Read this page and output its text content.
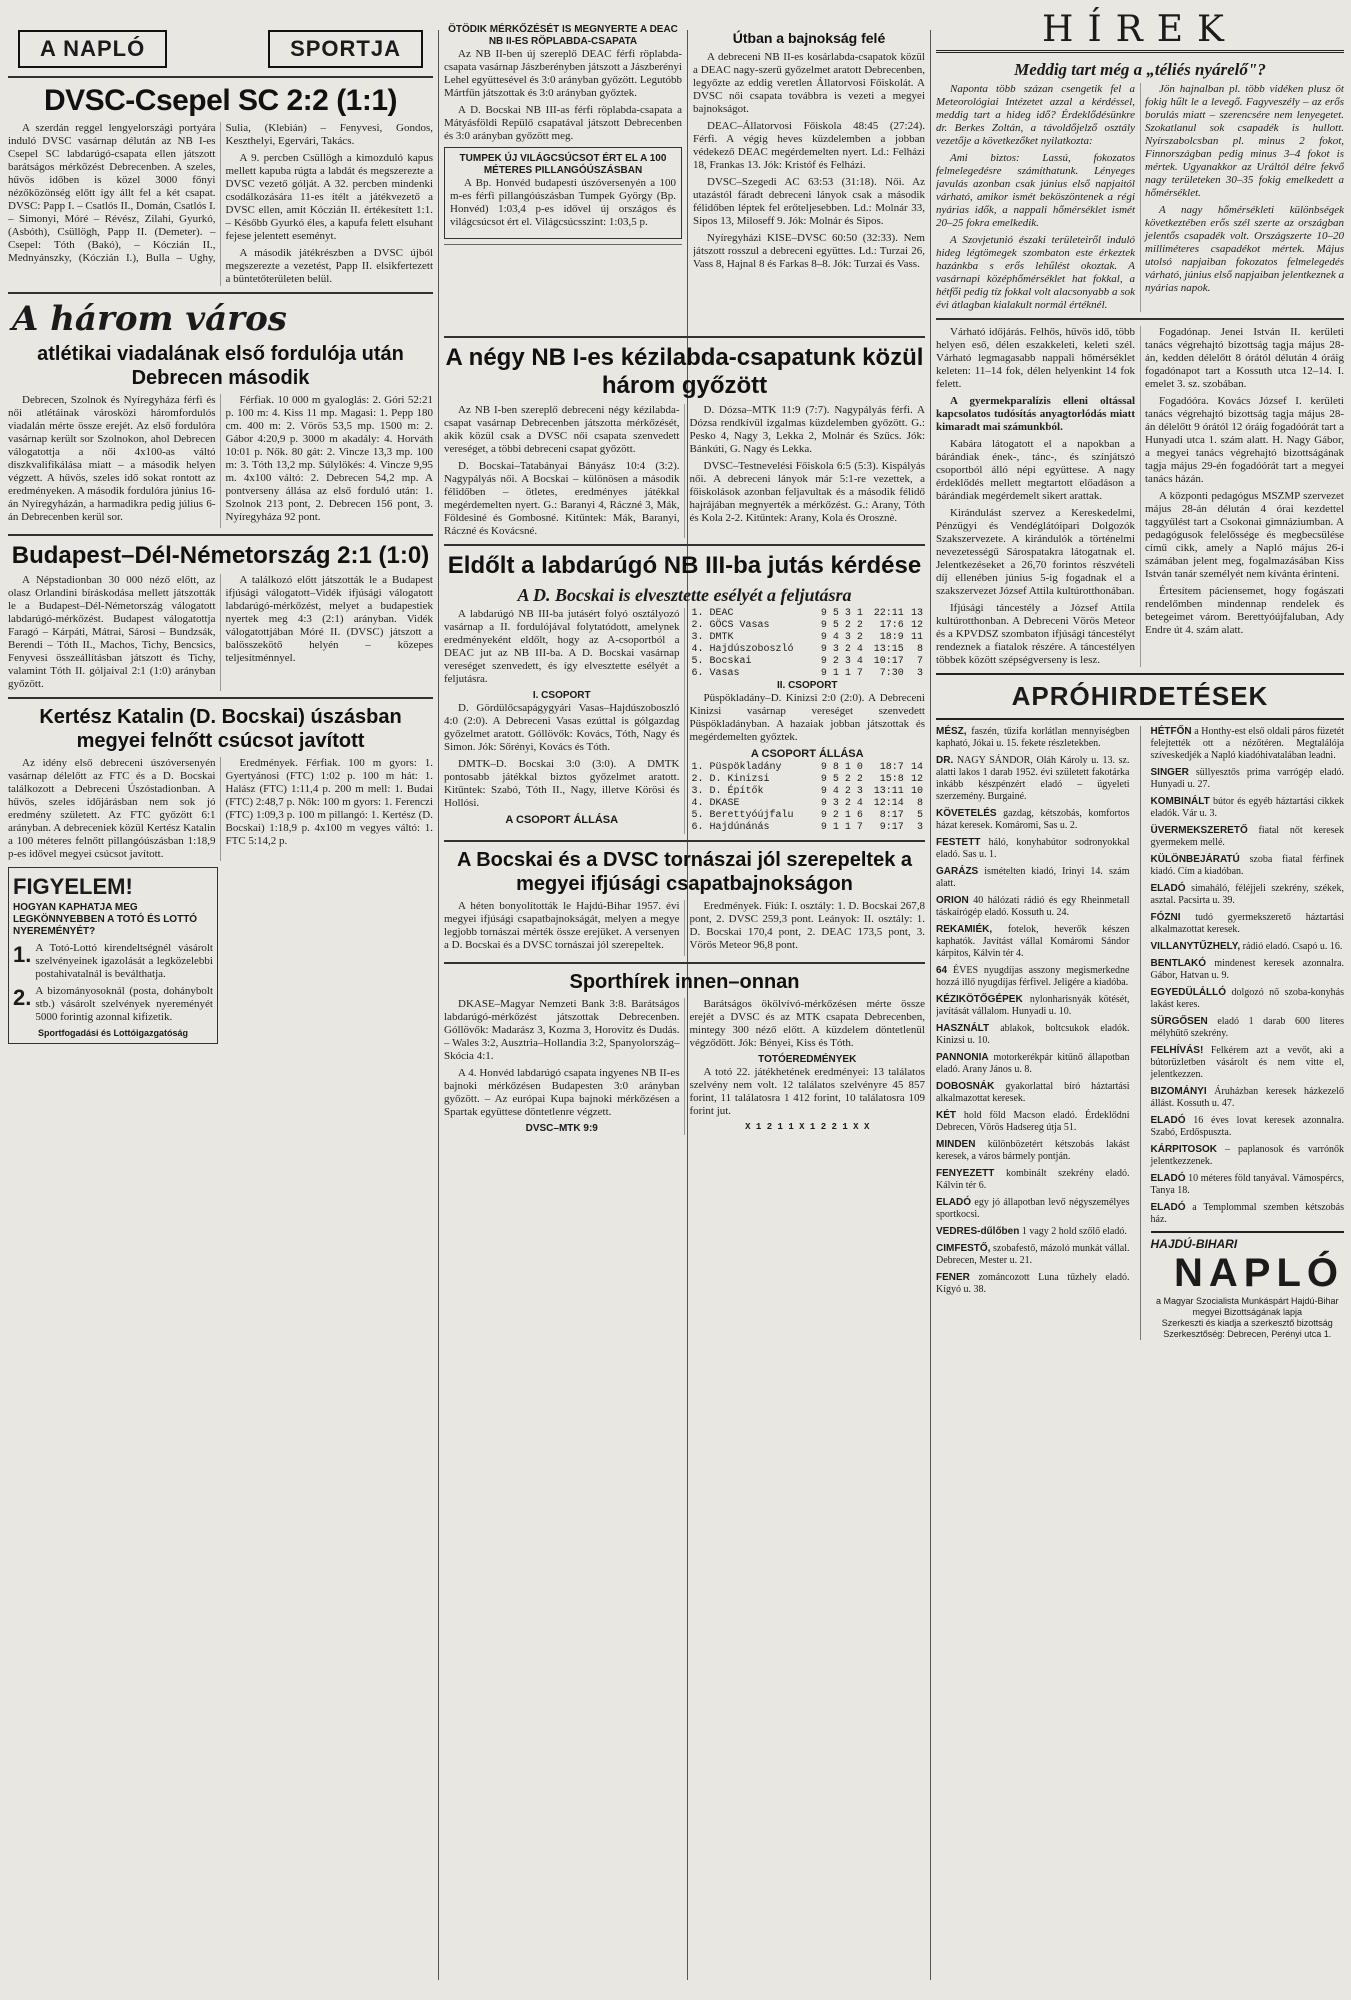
A NAPLÓ	SPORTJA
DVSC-Csepel SC 2:2 (1:1)

A szerdán reggel lengyelországi portyára induló DVSC vasárnap délután az NB I-es Csepel SC labdarúgó-csapata ellen játszott barátságos mérkőzést Debrecenben. A szeles, hűvös időben is közel 3000 főnyi nézőközönség előtt így állt fel a két csapat. DVSC: Papp I. – Csatlós II., Domán, Csatlós I. – Simonyi, Móré – Révész, Zilahi, Gyurkó, (Asbóth), Csüllögh, Papp II. (Demeter). – Csepel: Tóth (Bakó), – Kóczián II., Mednyánszky, (Kóczián I.), Bulla – Ughy, Sulia, (Klebián) – Fenyvesi, Gondos, Keszthelyi, Egervári, Takács.

A 9. percben Csüllögh a kimozduló kapus mellett kapuba rúgta a labdát és megszerezte a DVSC vezető gólját. A 32. percben mindenki csodálkozására 11-es ítélt a játékvezető a DVSC ellen, amit Kóczián II. értékesített 1:1. – Később Gyurkó éles, a kapufa felett elsuhant fejese jelentett eseményt.

A második játékrészben a DVSC újból megszerezte a vezetést, Papp II. elsikfertezett a büntetőterületen belül.

A három város
atlétikai viadalának első fordulója után Debrecen második

Debrecen, Szolnok és Nyíregyháza férfi és női atlétáinak városközi háromfordulós viadalán mérte össze erejét. Az első fordulóra vasárnap került sor Szolnokon, ahol Debrecen válogatottja a női 4x100-as váltó diszkvalifikálása miatt – a második helyen végzett. A hűvös, szeles idő sokat rontott az eredményeken. A második fordulóra június 16-án Nyíregyházán, a harmadikra pedig július 6-án Debrecenben kerül sor.

Férfiak. 10 000 m gyaloglás: 2. Góri 52:21 p. 100 m: 4. Kiss 11 mp. Magasi: 1. Pepp 180 cm. 400 m: 2. Vörös 53,5 mp. 1500 m: 2. Gábor 4:20,9 p. 3000 m akadály: 4. Horváth 10:01 p. Nők. 80 gát: 2. Vincze 13,3 mp. 100 m: 3. Tóth 13,2 mp. Súlylökés: 4. Vincze 9,95 m. 4x100 váltó: 2. Debrecen 54,2 mp. A pontverseny állása az első forduló után: 1. Szolnok 213 pont, 2. Debrecen 156 pont, 3. Nyíregyháza 92 pont.

Budapest–Dél-Németország 2:1 (1:0)

A Népstadionban 30 000 néző előtt, az olasz Orlandini bíráskodása mellett játszották le a Budapest–Dél-Németország válogatott labdarúgó-mérkőzést. Budapest válogatottja Faragó – Kárpáti, Mátrai, Sárosi – Bundzsák, Berendi – Tóth II., Machos, Tichy, Bencsics, Fenyvesi összeállításban játszott és Tichy, valamint Tóth II. góljaival 2:1 (1:0) arányban győzött.

A találkozó előtt játszották le a Budapest ifjúsági válogatott–Vidék ifjúsági válogatott labdarúgó-mérkőzést, melyet a budapestiek nyertek meg 4:3 (2:1) arányban. Vidék válogatottjában Móré II. (DVSC) játszott a balösszekötő helyén – közepes teljesítménnyel.

Kertész Katalin (D. Bocskai) úszásban megyei felnőtt csúcsot javított

Az idény első debreceni úszóversenyén vasárnap délelőtt az FTC és a D. Bocskai találkozott a Debreceni Úszóstadionban. A hűvös, szeles időjárásban nem sok jó eredmény született. Az FTC győzött 6:1 arányban. A debreceniek közül Kertész Katalin a 100 méteres felnőtt pillangóúszásban 1:18,9 p-es idővel megyei csúcsot javított.

Eredmények. Férfiak. 100 m gyors: 1. Gyertyánosi (FTC) 1:02 p. 100 m hát: 1. Halász (FTC) 1:11,4 p. 200 m mell: 1. Budai (FTC) 2:48,7 p. Nők: 100 m gyors: 1. Ferenczi (FTC) 1:09,3 p. 100 m pillangó: 1. Kertész (D. Bocskai) 1:18,9 p. 4x100 m vegyes váltó: 1. FTC 5:14,2 p.

FIGYELEM!
HOGYAN KAPHATJA MEG LEGKÖNNYEBBEN A TOTÓ ÉS LOTTÓ NYEREMÉNYÉT?
1. A Totó-Lottó kirendeltségnél vásárolt szelvényeinek igazolását a legközelebbi postahivatalnál is beválthatja.

2. A bizományosoknál (posta, dohánybolt stb.) vásárolt szelvények nyereményét 5000 forintig azonnal kifizetik.

Sportfogadási és Lottóigazgatóság
ÖTÖDIK MÉRKŐZÉSÉT IS MEGNYERTE A DEAC NB II-ES RÖPLABDA-CSAPATA

Az NB II-ben új szereplő DEAC férfi röplabda-csapata vasárnap Jászberényben játszott a Jászberényi Lehel együttesével és 3:0 arányban győzött. Legutóbb Mártfűn játszottak és 3:0 arányban győztek.

A D. Bocskai NB III-as férfi röplabda-csapata a Mátyásföldi Repülő csapatával játszott Debrecenben és 3:0 arányban győzött meg.

TUMPEK ÚJ VILÁGCSÚCSOT ÉRT EL A 100 MÉTERES PILLANGÓÚSZÁSBAN

A Bp. Honvéd budapesti úszóversenyén a 100 m-es férfi pillangóúszásban Tumpek György (Bp. Honvéd) 1:03,4 p-es idővel új országos és világcsúcsot ért el. Világcsúcsszint: 1:03,5 p.

Útban a bajnokság felé

A debreceni NB II-es kosárlabda-csapatok közül a DEAC nagy-szerű győzelmet aratott Debrecenben, legyőzte az eddig veretlen Állatorvosi Főiskolát. A DVSC női csapata továbbra is vezeti a megyei bajnokságot.

DEAC–Állatorvosi Főiskola 48:45 (27:24). Férfi. A végig heves küzdelemben a jobban védekező DEAC megérdemelten nyert. Ld.: Felházi 18, Frankas 13. Jók: Kristóf és Felházi.

DVSC–Szegedi AC 63:53 (31:18). Női. Az utazástól fáradt debreceni lányok csak a második félidőben léptek fel erőteljesebben. Ld.: Molnár 33, Sipos 13, Miloseff 9. Jók: Molnár és Sipos.

Nyíregyházi KISE–DVSC 60:50 (32:33). Nem játszott rosszul a debreceni együttes. Ld.: Turzai 26, Vass 8, Hajnal 8 és Farkas 8–8. Jók: Turzai és Vass.

A négy NB I-es kézilabda-csapatunk közül három győzött

Az NB I-ben szereplő debreceni négy kézilabda-csapat vasárnap Debrecenben játszotta mérkőzését, akik közül csak a DVSC női csapata szenvedett vereséget, a többi debreceni csapat győzött.

D. Bocskai–Tatabányai Bányász 10:4 (3:2). Nagypályás női. A Bocskai – különösen a második félidőben – ötletes, eredményes játékkal megérdemelten nyert. G.: Baranyi 4, Ráczné 3, Mák, Földesiné és Gombosné. Kitűntek: Mák, Baranyi, Ráczné és Kovácsné.

D. Dózsa–MTK 11:9 (7:7). Nagypályás férfi. A Dózsa rendkívül izgalmas küzdelemben győzött. G.: Pesko 4, Nagy 3, Lekka 2, Molnár és Szűcs. Jók: Bánkúti, G. Nagy és Lekka.

DVSC–Testnevelési Főiskola 6:5 (5:3). Kispályás női. A debreceni lányok már 5:1-re vezettek, a főiskolások azonban feljavultak és a második félidő hajrájában megnyerték a mérkőzést. G.: Arany, Tóth és Kola 2-2. Kitűntek: Arany, Kola és Orosznė.

Eldőlt a labdarúgó NB III-ba jutás kérdése
A D. Bocskai is elvesztette esélyét a feljutásra

A labdarúgó NB III-ba jutásért folyó osztályozó vasárnap a II. fordulójával folytatódott, amelynek eredményeként eldőlt, hogy az A-csoportból a DEAC jut az NB III-ba. A D. Bocskai vasárnap vereséget szenvedett, és így elvesztette esélyét a feljutásra.

I. CSOPORT

D. Gördülőcsapágygyári Vasas–Hajdúszoboszló 4:0 (2:0). A Debreceni Vasas ezúttal is gólgazdag győzelmet aratott. Góllövők: Kovács, Tóth, Nagy és Simon. Jók: Sőrényi, Kovács és Tóth.

DMTK–D. Bocskai 3:0 (3:0). A DMTK pontosabb játékkal biztos győzelmet aratott. Kitűntek: Szabó, Tóth II., Nagy, illetve Körösi és Hollósi.

A CSOPORT ÁLLÁSA
1. DEAC	9	5	3	1	22:11	13
2. GÖCS Vasas	9	5	2	2	17:6	12
3. DMTK	9	4	3	2	18:9	11
4. Hajdúszoboszló	9	3	2	4	13:15	8
5. Bocskai	9	2	3	4	10:17	7
6. Vasas	9	1	1	7	7:30	3
II. CSOPORT

Püspökladány–D. Kinizsi 2:0 (2:0). A Debreceni Kinizsi vasárnap vereséget szenvedett Püspökladányban. A hazaiak jobban játszottak és megérdemelten győztek.

A CSOPORT ÁLLÁSA
1. Püspökladány	9	8	1	0	18:7	14
2. D. Kinizsi	9	5	2	2	15:8	12
3. D. Építők	9	4	2	3	13:11	10
4. DKASE	9	3	2	4	12:14	8
5. Berettyóújfalu	9	2	1	6	8:17	5
6. Hajdúnánás	9	1	1	7	9:17	3
A Bocskai és a DVSC tornászai jól szerepeltek a megyei ifjúsági csapatbajnokságon

A héten bonyolították le Hajdú-Bihar 1957. évi megyei ifjúsági csapatbajnokságát, melyen a megye legjobb tornászai mérték össze erejüket. A versenyen a D. Bocskai és a DVSC tornászai jól szerepeltek.

Eredmények. Fiúk: I. osztály: 1. D. Bocskai 267,8 pont, 2. DVSC 259,3 pont. Leányok: II. osztály: 1. D. Bocskai 170,4 pont, 2. DEAC 173,5 pont, 3. Vörös Meteor 96,8 pont.

Sporthírek innen–onnan

DKASE–Magyar Nemzeti Bank 3:8. Barátságos labdarúgó-mérkőzést játszottak Debrecenben. Góllövők: Madarász 3, Kozma 3, Horovitz és Dudás. – Wales 3:2, Ausztria–Hollandia 3:2, Spanyolország–Skócia 4:1.

A 4. Honvéd labdarúgó csapata ingyenes NB II-es bajnoki mérkőzésen Budapesten 3:0 arányban győzött. – Az európai Kupa bajnoki mérkőzésen a Spartak együttese döntetlenre végzett.

DVSC–MTK 9:9

Barátságos ökölvívó-mérkőzésen mérte össze erejét a DVSC és az MTK csapata Debrecenben, mintegy 300 néző előtt. A küzdelem döntetlenül végződött. Jók: Bényei, Kiss és Tóth.

TOTÓEREDMÉNYEK

A totó 22. játékhetének eredményei: 13 találatos szelvény nem volt. 12 találatos szelvényre 45 857 forint, 11 találatosra 1 412 forint, 10 találatosra 109 forint jut.

X 1 2 1 1 X 1 2 2 1 X X
HÍREK
Meddig tart még a „téliés nyárelő"?

Naponta több százan csengetik fel a Meteorológiai Intézetet azzal a kérdéssel, meddig tart a hideg idő? Érdeklődésünkre dr. Berkes Zoltán, a távoldőjelző osztály vezetője a következőket nyilatkozta:

Ami biztos: Lassú, fokozatos felmelegedésre számíthatunk. Lényeges javulás azonban csak június első napjaitól várható, amikor ismét beköszöntenek a régi nyárias idők, a nappali hőmérséklet ismét 20–25 fokra emelkedik.

A Szovjetunió északi területeiről induló hideg légtömegek szombaton este érkeztek hazánkba s erős lehűlést okoztak. A vasárnapi középhőmérséklet hat fokkal, a hétfői pedig tíz fokkal volt alacsonyabb a sok évi átlagban kialakult normál értéknél.

Jön hajnalban pl. több vidéken plusz öt fokig hűlt le a levegő. Fagyveszély – az erős borulás miatt – szerencsére nem lenyegetet. Szokatlanul sok csapadék is hullott. Nyírszabolcsban pl. minus 2 fokot, Finnországban pedig minus 3–4 fokot is mértek. Ugyanakkor az Uráltól délre fekvő nagy területeken 30–35 fokig emelkedett a hőmérséklet.

A nagy hőmérsékleti különbségek következtében erős szél szerte az országban jelentős csapadék volt. Országszerte 10–20 milliméteres csapadékot mértek. Május utolsó napjaiban fokozatos felmelegedés várható, június első napjaiban jelentkeznek a nyárias napok.

Várható időjárás. Felhős, hűvös idő, több helyen eső, délen eszakkeleti, keleti szél. Várható legmagasabb nappali hőmérséklet keleten: 11–14 fok, délen helyenkint 14 fok felett.

A gyermekparalízis elleni oltással kapcsolatos tudósítás anyagtorlódás miatt kimaradt mai számunkból.

Kabára látogatott el a napokban a bárándiak ének-, tánc-, és színjátszó csoportból álló népi együttese. A nagy érdeklődés mellett megtartott előadáson a bárándiak megérdemelt sikert arattak.

Kirándulást szervez a Kereskedelmi, Pénzügyi és Vendéglátóipari Dolgozók Szakszervezete. A kirándulók a történelmi nevezetességű Sárospatakra látogatnak el. Jelentkezéseket a 26,70 forintos részvételi díj ellenében június 5-ig fogadnak el a szakszervezet József Attila kultúrotthonában.

Ifjúsági táncestély a József Attila kultúrotthonban. A Debreceni Vörös Meteor és a KPVDSZ szombaton ifjúsági táncestélyt rendeznek a fiatalok részére. A táncestélyen többek között szépségverseny is lesz.

Fogadónap. Jenei István II. kerületi tanács végrehajtó bizottság tagja május 28-án, kedden délelőtt 8 órától délután 4 óráig fogadónapot tart a Kossuth utca 12–14. I. emelet 3. sz. szobában.

Fogadóóra. Kovács József I. kerületi tanács végrehajtó bizottság tagja május 28-án délelőtt 9 órától 12 óráig fogadóórát tart a Hunyadi utca 1. szám alatt. H. Nagy Gábor, a megyei tanács végrehajtó bizottságának tagja május 29-én fogadóórát tart a megyei tanács házán.

A központi pedagógus MSZMP szervezet május 28-án délután 4 órai kezdettel taggyűlést tart a Csokonai gimnáziumban. A pedagógusok felelőssége és megbecsülése című cikk, amely a Napló május 26-i számában jelent meg, fogalmazásában Kiss István tanár személyét nem kívánta érinteni.

Értesítem páciensemet, hogy fogászati rendelőmben mindennap rendelek és betegeimet várom. Berettyóújfaluban, Ady Endre út 4. szám alatt.

APRÓHIRDETÉSEK

MÉSZ, faszén, tűzifa korlátlan mennyiségben kapható, Jókai u. 15. fekete részletekben.

DR. NAGY SÁNDOR, Oláh Károly u. 13. sz. alatti lakos 1 darab 1952. évi született fakotárka inkább készpénzért eladó – ügyeleti szerzemény. Burgainé.

KÖVETELÉS gazdag, kétszobás, komfortos házat keresek. Komáromi, Sas u. 2.

FESTETT háló, konyhabútor sodronyokkal eladó. Sas u. 1.

GARÁZS ismételten kiadó, Irinyi 14. szám alatt.

ORION 40 hálózati rádió és egy Rheinmetall táskaírógép eladó. Kossuth u. 24.

REKAMIÉK, fotelok, heverők készen kaphatók. Javítást vállal Komáromi Sándor kárpitos, Kálvin tér 4.

64 ÉVES nyugdíjas asszony megismerkedne hozzá illő nyugdíjas férfivel. Jeligére a kiadóba.

KÉZIKÖTŐGÉPEK nylonharisnyák kötését, javítását vállalom. Hunyadi u. 10.

HASZNÁLT ablakok, boltcsukok eladók. Kinizsi u. 10.

PANNONIA motorkerékpár kitűnő állapotban eladó. Arany János u. 8.

DOBOSNÁK gyakorlattal bíró háztartási alkalmazottat keresek.

KÉT hold föld Macson eladó. Érdeklődni Debrecen, Vörös Hadsereg útja 51.

MINDEN különbözetért kétszobás lakást keresek, a város bármely pontján.

FENYEZETT kombinált szekrény eladó. Kálvin tér 6.

ELADÓ egy jó állapotban levő négyszemélyes sportkocsi.

VEDRES-dűlőben 1 vagy 2 hold szőlő eladó.

CIMFESTŐ, szobafestő, mázoló munkát vállal. Debrecen, Mester u. 21.

FENER zománcozott Luna tűzhely eladó. Kígyó u. 38.

HÉTFŐN a Honthy-est első oldali páros füzetét felejtették ott a nézőtéren. Megtalálója szíveskedjék a Napló kiadóhivatalában leadni.

SINGER süllyesztős prima varrógép eladó. Hunyadi u. 27.

KOMBINÁLT bútor és egyéb háztartási cikkek eladók. Vár u. 3.

ÜVERMEKSZERETŐ fiatal nőt keresek gyermekem mellé.

KÜLÖNBEJÁRATÚ szoba fiatal férfinek kiadó. Cím a kiadóban.

ELADÓ simaháló, féléjjeli szekrény, székek, asztal. Pacsirta u. 39.

FÓZNI tudó gyermekszerető háztartási alkalmazottat keresek.

VILLANYTŰZHELY, rádió eladó. Csapó u. 16.

BENTLAKÓ mindenest keresek azonnalra. Gábor, Hatvan u. 9.

EGYEDÜLÁLLÓ dolgozó nő szoba-konyhás lakást keres.

SÜRGŐSEN eladó 1 darab 600 literes mélyhűtő szekrény.

FELHÍVÁS! Felkérem azt a vevőt, aki a bútorüzletben vásárolt és nem vitte el, jelentkezzen.

BIZOMÁNYI Áruházban keresek házkezelő állást. Kossuth u. 47.

ELADÓ 16 éves lovat keresek azonnalra. Szabó, Erdőspuszta.

KÁRPITOSOK – paplanosok és varrónők jelentkezzenek.

ELADÓ 10 méteres föld tanyával. Vámospércs, Tanya 18.

ELADÓ a Templommal szemben kétszobás ház.

HAJDÚ-BIHARI
NAPLÓ
a Magyar Szocialista Munkáspárt Hajdú-Bihar megyei Bizottságának lapja
Szerkeszti és kiadja a szerkesztő bizottság
Szerkesztőség: Debrecen, Perényi utca 1.
